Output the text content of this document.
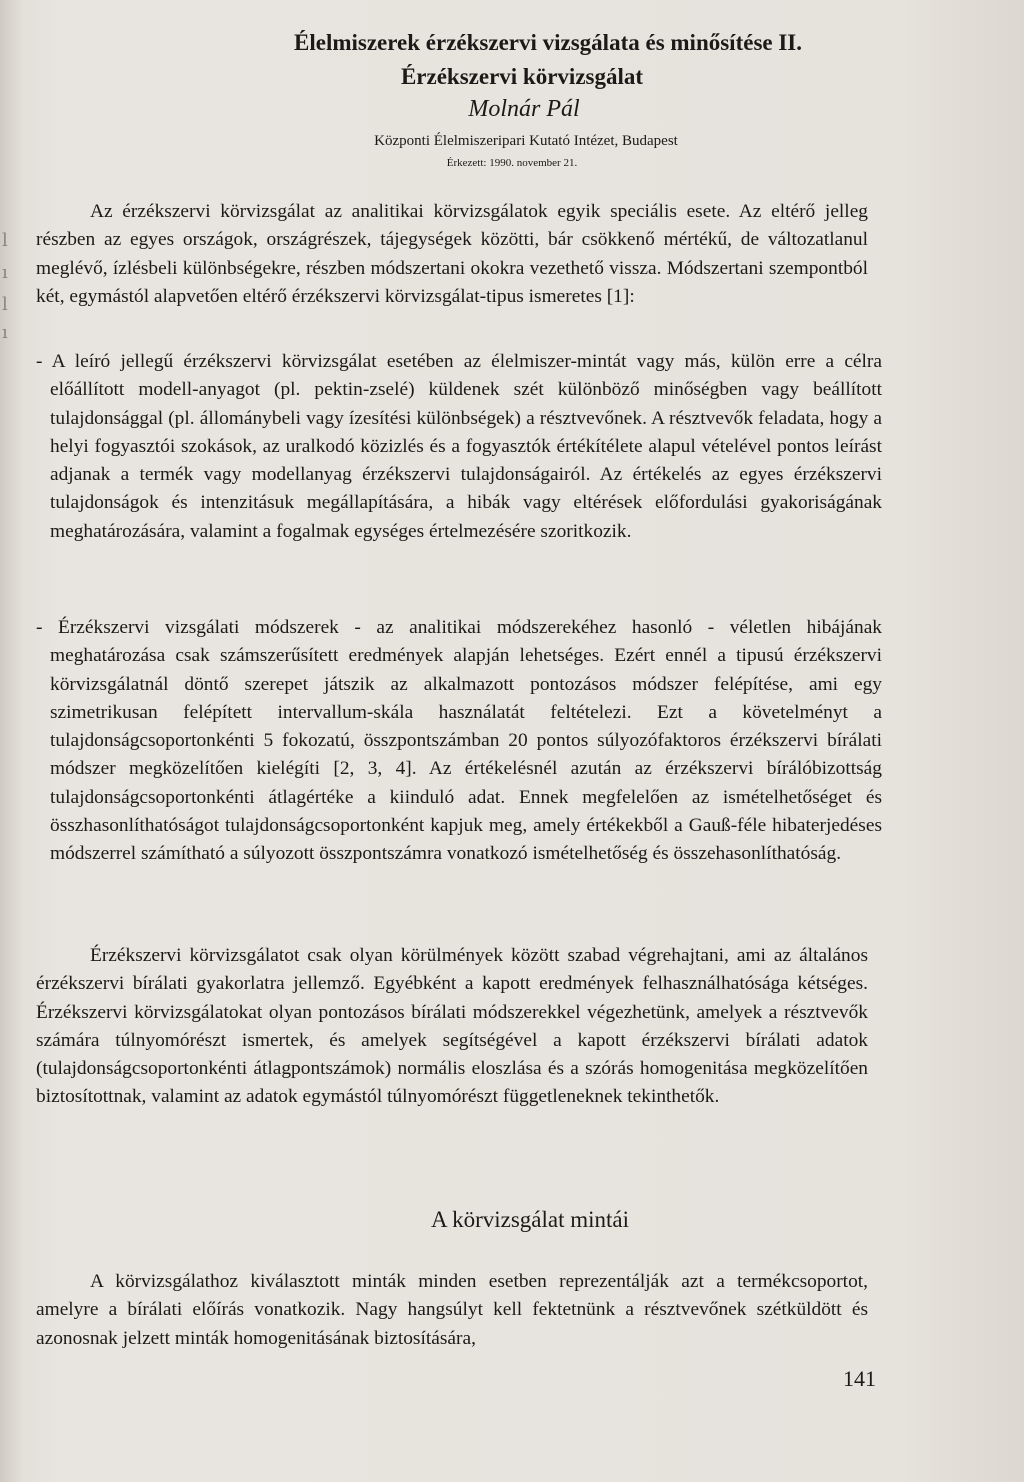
l
ı
l
ı
Élelmiszerek érzékszervi vizsgálata és minősítése II.
Érzékszervi körvizsgálat
Molnár Pál
Központi Élelmiszeripari Kutató Intézet, Budapest
Érkezett: 1990. november 21.

Az érzékszervi körvizsgálat az analitikai körvizsgálatok egyik speciális esete. Az eltérő jelleg részben az egyes országok, országrészek, tájegységek közötti, bár csökkenő mértékű, de változatlanul meglévő, ízlésbeli különbségekre, részben módszertani okokra vezethető vissza. Módszertani szempontból két, egymástól alapvetően eltérő érzékszervi körvizsgálat-tipus ismeretes [1]:

- A leíró jellegű érzékszervi körvizsgálat esetében az élelmiszer-mintát vagy más, külön erre a célra előállított modell-anyagot (pl. pektin-zselé) küldenek szét különböző minőségben vagy beállított tulajdonsággal (pl. állománybeli vagy ízesítési különbségek) a résztvevőnek. A résztvevők feladata, hogy a helyi fogyasztói szokások, az uralkodó közizlés és a fogyasztók értékítélete alapul vételével pontos leírást adjanak a termék vagy modellanyag érzékszervi tulajdonságairól. Az értékelés az egyes érzékszervi tulajdonságok és intenzitásuk megállapítására, a hibák vagy eltérések előfordulási gyakoriságának meghatározására, valamint a fogalmak egységes értelmezésére szoritkozik.

- Érzékszervi vizsgálati módszerek - az analitikai módszerekéhez hasonló - véletlen hibájának meghatározása csak számszerűsített eredmények alapján lehetséges. Ezért ennél a tipusú érzékszervi körvizsgálatnál döntő szerepet játszik az alkalmazott pontozásos módszer felépítése, ami egy szimetrikusan felépített intervallum-skála használatát feltételezi. Ezt a követelményt a tulajdonságcsoportonkénti 5 fokozatú, összpontszámban 20 pontos súlyozófaktoros érzékszervi bírálati módszer megközelítően kielégíti [2, 3, 4]. Az értékelésnél azután az érzékszervi bírálóbizottság tulajdonságcsoportonkénti átlagértéke a kiinduló adat. Ennek megfelelően az ismételhetőséget és összhasonlíthatóságot tulajdonságcsoportonként kapjuk meg, amely értékekből a Gauß-féle hibaterjedéses módszerrel számítható a súlyozott összpontszámra vonatkozó ismételhetőség és összehasonlíthatóság.

Érzékszervi körvizsgálatot csak olyan körülmények között szabad végrehajtani, ami az általános érzékszervi bírálati gyakorlatra jellemző. Egyébként a kapott eredmények felhasználhatósága kétséges. Érzékszervi körvizsgálatokat olyan pontozásos bírálati módszerekkel végezhetünk, amelyek a résztvevők számára túlnyomórészt ismertek, és amelyek segítségével a kapott érzékszervi bírálati adatok (tulajdonságcsoportonkénti átlagpontszámok) normális eloszlása és a szórás homogenitása megközelítően biztosítottnak, valamint az adatok egymástól túlnyomórészt függetleneknek tekinthetők.

A körvizsgálat mintái

A körvizsgálathoz kiválasztott minták minden esetben reprezentálják azt a termékcsoportot, amelyre a bírálati előírás vonatkozik. Nagy hangsúlyt kell fektetnünk a résztvevőnek szétküldött és azonosnak jelzett minták homogenitásának biztosítására,

141
